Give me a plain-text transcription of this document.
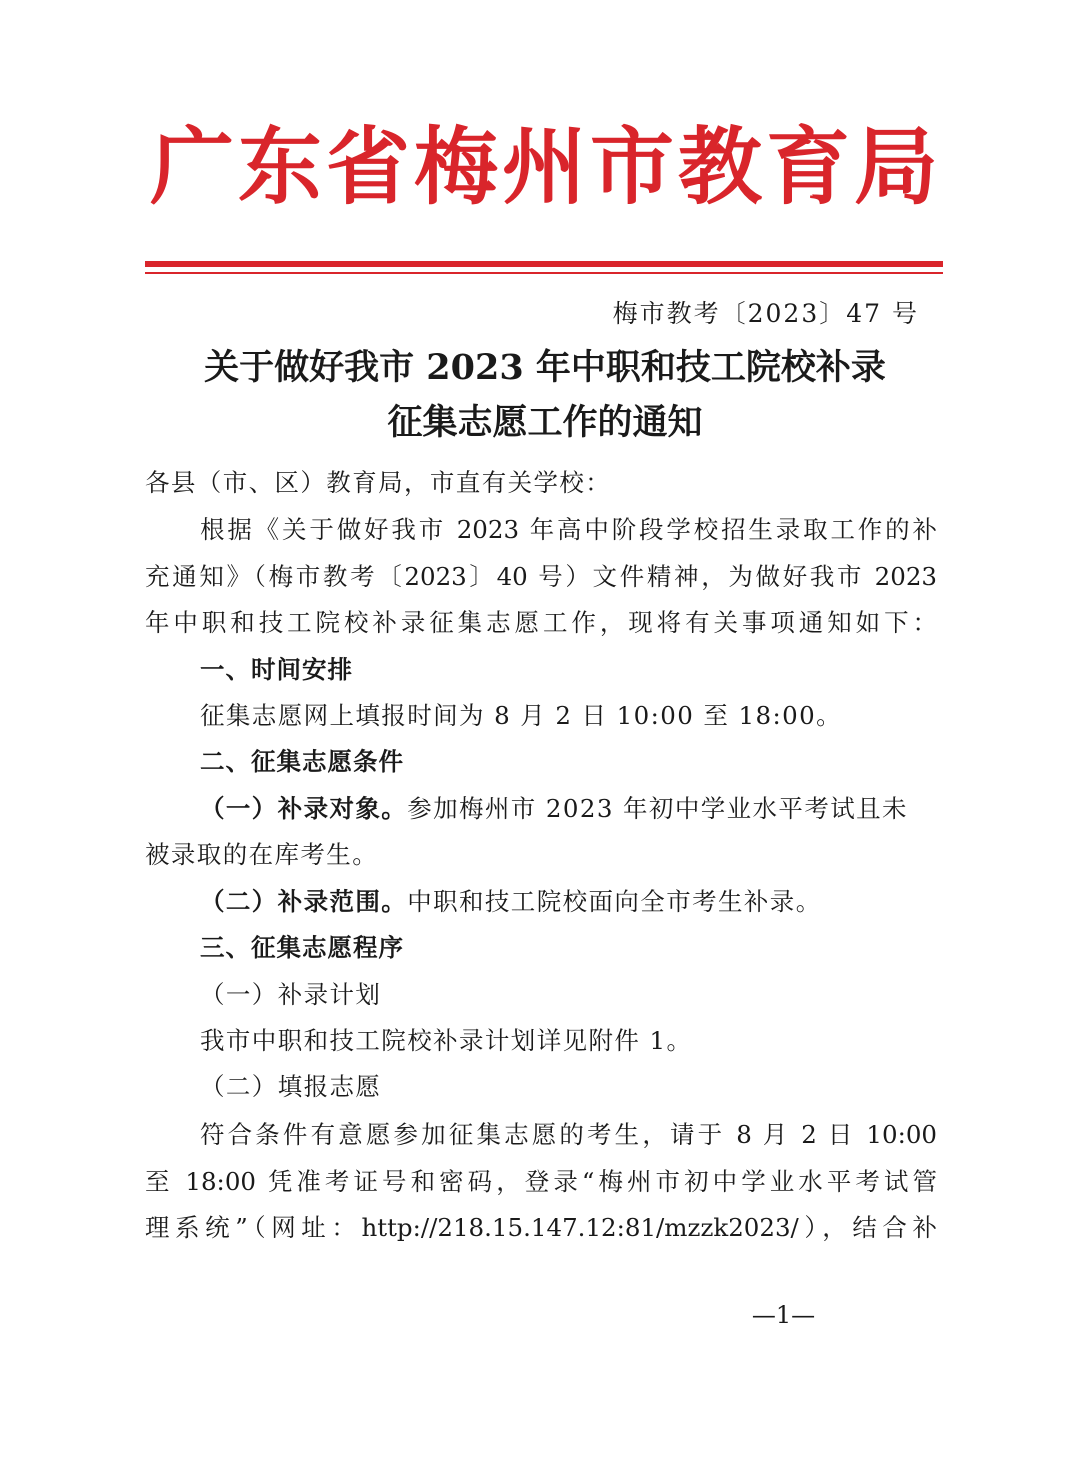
广东省梅州市教育局
梅市教考〔2023〕47 号
关于做好我市 2023 年中职和技工院校补录
征集志愿工作的通知
各县（市、区）教育局，市直有关学校：
根据《关于做好我市 2023 年高中阶段学校招生录取工作的补
充通知》（梅市教考〔2023〕40 号）文件精神，为做好我市 2023
年中职和技工院校补录征集志愿工作，现将有关事项通知如下：
一、时间安排
征集志愿网上填报时间为 8 月 2 日 10:00 至 18:00。
二、征集志愿条件
（一）补录对象。参加梅州市 2023 年初中学业水平考试且未
被录取的在库考生。
（二）补录范围。中职和技工院校面向全市考生补录。
三、征集志愿程序
（一）补录计划
我市中职和技工院校补录计划详见附件 1。
（二）填报志愿
符合条件有意愿参加征集志愿的考生，请于 8 月 2 日 10:00
至 18:00 凭准考证号和密码，登录“梅州市初中学业水平考试管
理系统”（网址：http://218.15.147.12:81/mzzk2023/），结合补
—1—
